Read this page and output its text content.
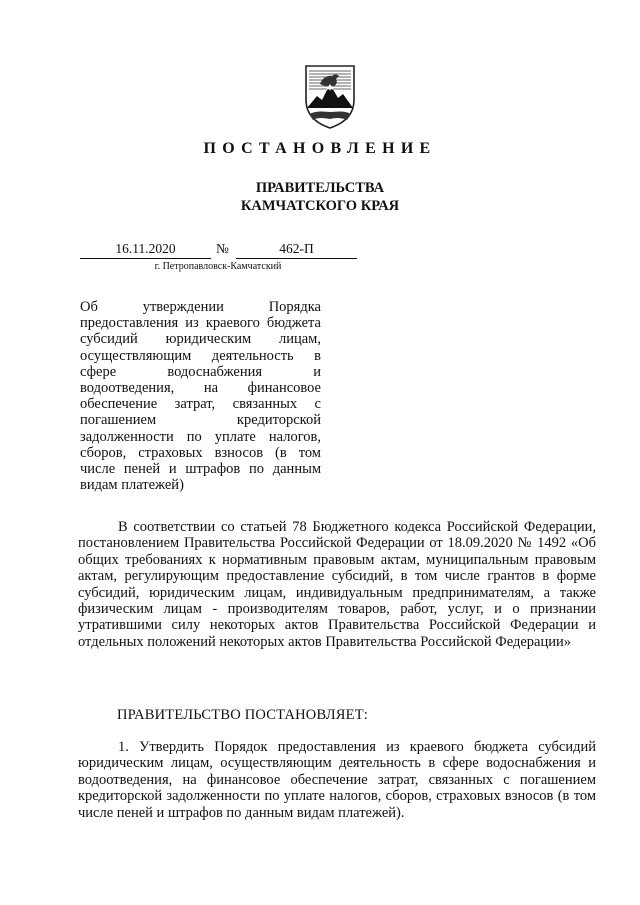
ПОСТАНОВЛЕНИЕ
ПРАВИТЕЛЬСТВА
КАМЧАТСКОГО КРАЯ
16.11.2020	№	462-П
г. Петропавловск-Камчатский
Об утверждении Порядка предоставления из краевого бюджета субсидий юридическим лицам, осуществляющим деятельность в сфере водоснабжения и водоотведения, на финансовое обеспечение затрат, связанных с погашением кредиторской задолженности по уплате налогов, сборов, страховых взносов (в том числе пеней и штрафов по данным видам платежей)

В соответствии со статьей 78 Бюджетного кодекса Российской Федерации, постановлением Правительства Российской Федерации от 18.09.2020 № 1492 «Об общих требованиях к нормативным правовым актам, муниципальным правовым актам, регулирующим предоставление субсидий, в том числе грантов в форме субсидий, юридическим лицам, индивидуальным предпринимателям, а также физическим лицам - производителям товаров, работ, услуг, и о признании утратившими силу некоторых актов Правительства Российской Федерации и отдельных положений некоторых актов Правительства Российской Федерации»

ПРАВИТЕЛЬСТВО ПОСТАНОВЛЯЕТ:

1. Утвердить Порядок предоставления из краевого бюджета субсидий юридическим лицам, осуществляющим деятельность в сфере водоснабжения и водоотведения, на финансовое обеспечение затрат, связанных с погашением кредиторской задолженности по уплате налогов, сборов, страховых взносов (в том числе пеней и штрафов по данным видам платежей).
